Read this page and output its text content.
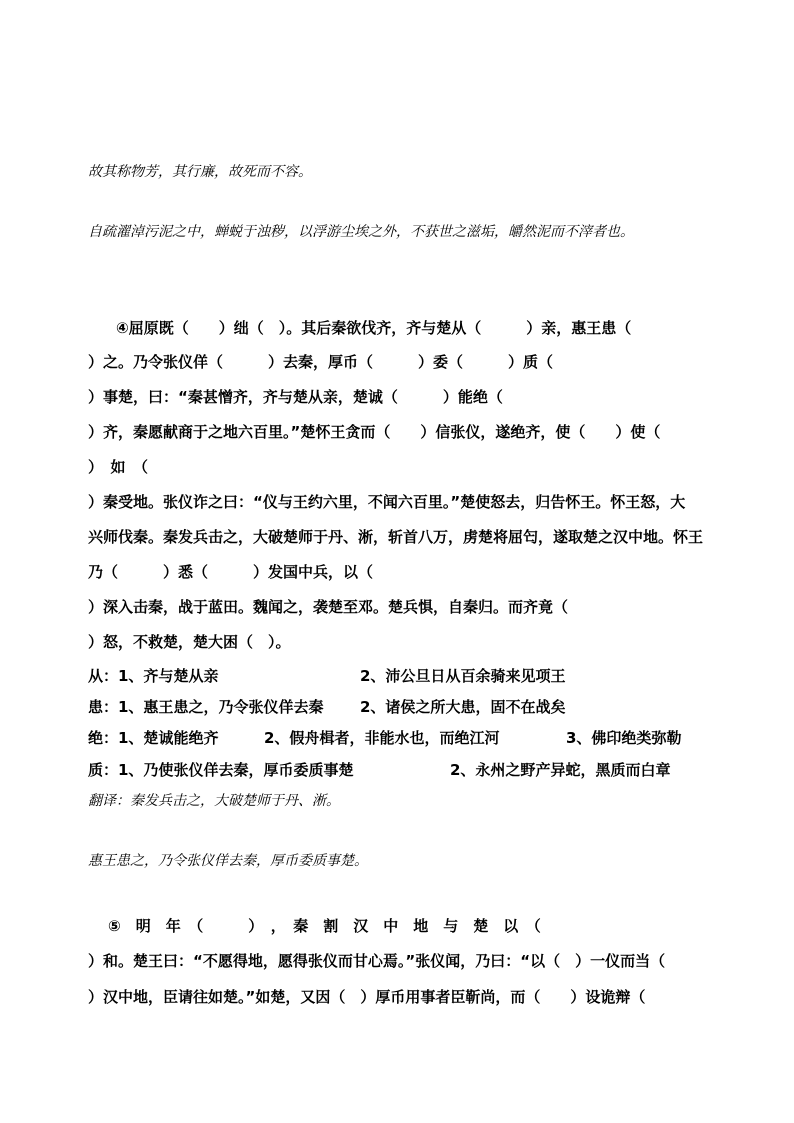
故其称物芳，其行廉，故死而不容。
自疏濯淖污泥之中，蝉蜕于浊秽，以浮游尘埃之外，不获世之滋垢，皭然泥而不滓者也。
④屈原既（　　）绌（　）。其后秦欲伐齐，齐与楚从（　　　）亲，惠王患（
）之。乃令张仪佯（　　　）去秦，厚币（　　　）委（　　　）质（
）事楚，曰：“秦甚憎齐，齐与楚从亲，楚诚（　　　）能绝（
）齐，秦愿献商于之地六百里。”楚怀王贪而（　　）信张仪，遂绝齐，使（　　）使（
）　如　（
）秦受地。张仪诈之曰：“仪与王约六里，不闻六百里。”楚使怒去，归告怀王。怀王怒，大
兴师伐秦。秦发兵击之，大破楚师于丹、淅，斩首八万，虏楚将屈匄，遂取楚之汉中地。怀王
乃（　　　）悉（　　　）发国中兵，以（
）深入击秦，战于蓝田。魏闻之，袭楚至邓。楚兵惧，自秦归。而齐竟（
）怒，不救楚，楚大困（　）。
从：1、齐与楚从亲	2、沛公旦日从百余骑来见项王
患：1、惠王患之，乃令张仪佯去秦 2、诸侯之所大患，固不在战矣
绝：1、楚诚能绝齐	2、假舟楫者，非能水也，而绝江河	3、佛印绝类弥勒
质：1、乃使张仪佯去秦，厚币委质事楚	2、永州之野产异蛇，黑质而白章
翻译：秦发兵击之，大破楚师于丹、淅。
惠王患之，乃令张仪佯去秦，厚币委质事楚。
⑤　明　年　（　　　）　，　秦　割　汉　中　地　与　楚　以　（
）和。楚王曰：“不愿得地，愿得张仪而甘心焉。”张仪闻，乃曰：“以（　）一仪而当（
）汉中地，臣请往如楚。”如楚，又因（　）厚币用事者臣靳尚，而（　　）设诡辩（
